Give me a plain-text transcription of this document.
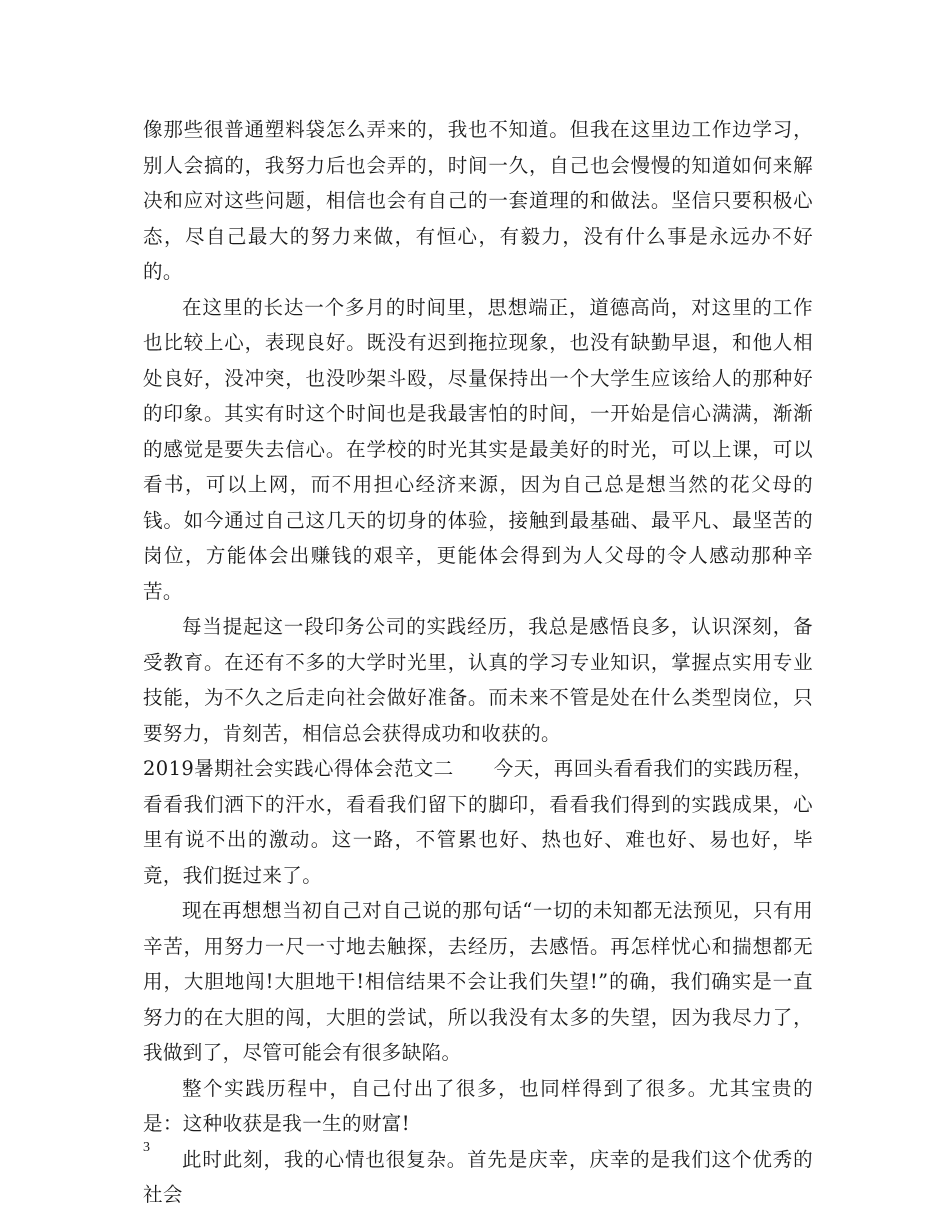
像那些很普通塑料袋怎么弄来的，我也不知道。但我在这里边工作边学习，别人会搞的，我努力后也会弄的，时间一久，自己也会慢慢的知道如何来解决和应对这些问题，相信也会有自己的一套道理的和做法。坚信只要积极心态，尽自己最大的努力来做，有恒心，有毅力，没有什么事是永远办不好的。

在这里的长达一个多月的时间里，思想端正，道德高尚，对这里的工作也比较上心，表现良好。既没有迟到拖拉现象，也没有缺勤早退，和他人相处良好，没冲突，也没吵架斗殴，尽量保持出一个大学生应该给人的那种好的印象。其实有时这个时间也是我最害怕的时间，一开始是信心满满，渐渐的感觉是要失去信心。在学校的时光其实是最美好的时光，可以上课，可以看书，可以上网，而不用担心经济来源，因为自己总是想当然的花父母的钱。如今通过自己这几天的切身的体验，接触到最基础、最平凡、最坚苦的岗位，方能体会出赚钱的艰辛，更能体会得到为人父母的令人感动那种辛苦。

每当提起这一段印务公司的实践经历，我总是感悟良多，认识深刻，备受教育。在还有不多的大学时光里，认真的学习专业知识，掌握点实用专业技能，为不久之后走向社会做好准备。而未来不管是处在什么类型岗位，只要努力，肯刻苦，相信总会获得成功和收获的。

2019暑期社会实践心得体会范文二 今天，再回头看看我们的实践历程，看看我们洒下的汗水，看看我们留下的脚印，看看我们得到的实践成果，心里有说不出的激动。这一路，不管累也好、热也好、难也好、易也好，毕竟，我们挺过来了。

现在再想想当初自己对自己说的那句话“一切的未知都无法预见，只有用辛苦，用努力一尺一寸地去触探，去经历，去感悟。再怎样忧心和揣想都无用，大胆地闯!大胆地干!相信结果不会让我们失望!”的确，我们确实是一直努力的在大胆的闯，大胆的尝试，所以我没有太多的失望，因为我尽力了，我做到了，尽管可能会有很多缺陷。

整个实践历程中，自己付出了很多，也同样得到了很多。尤其宝贵的是：这种收获是我一生的财富!

此时此刻，我的心情也很复杂。首先是庆幸，庆幸的是我们这个优秀的社会

3
